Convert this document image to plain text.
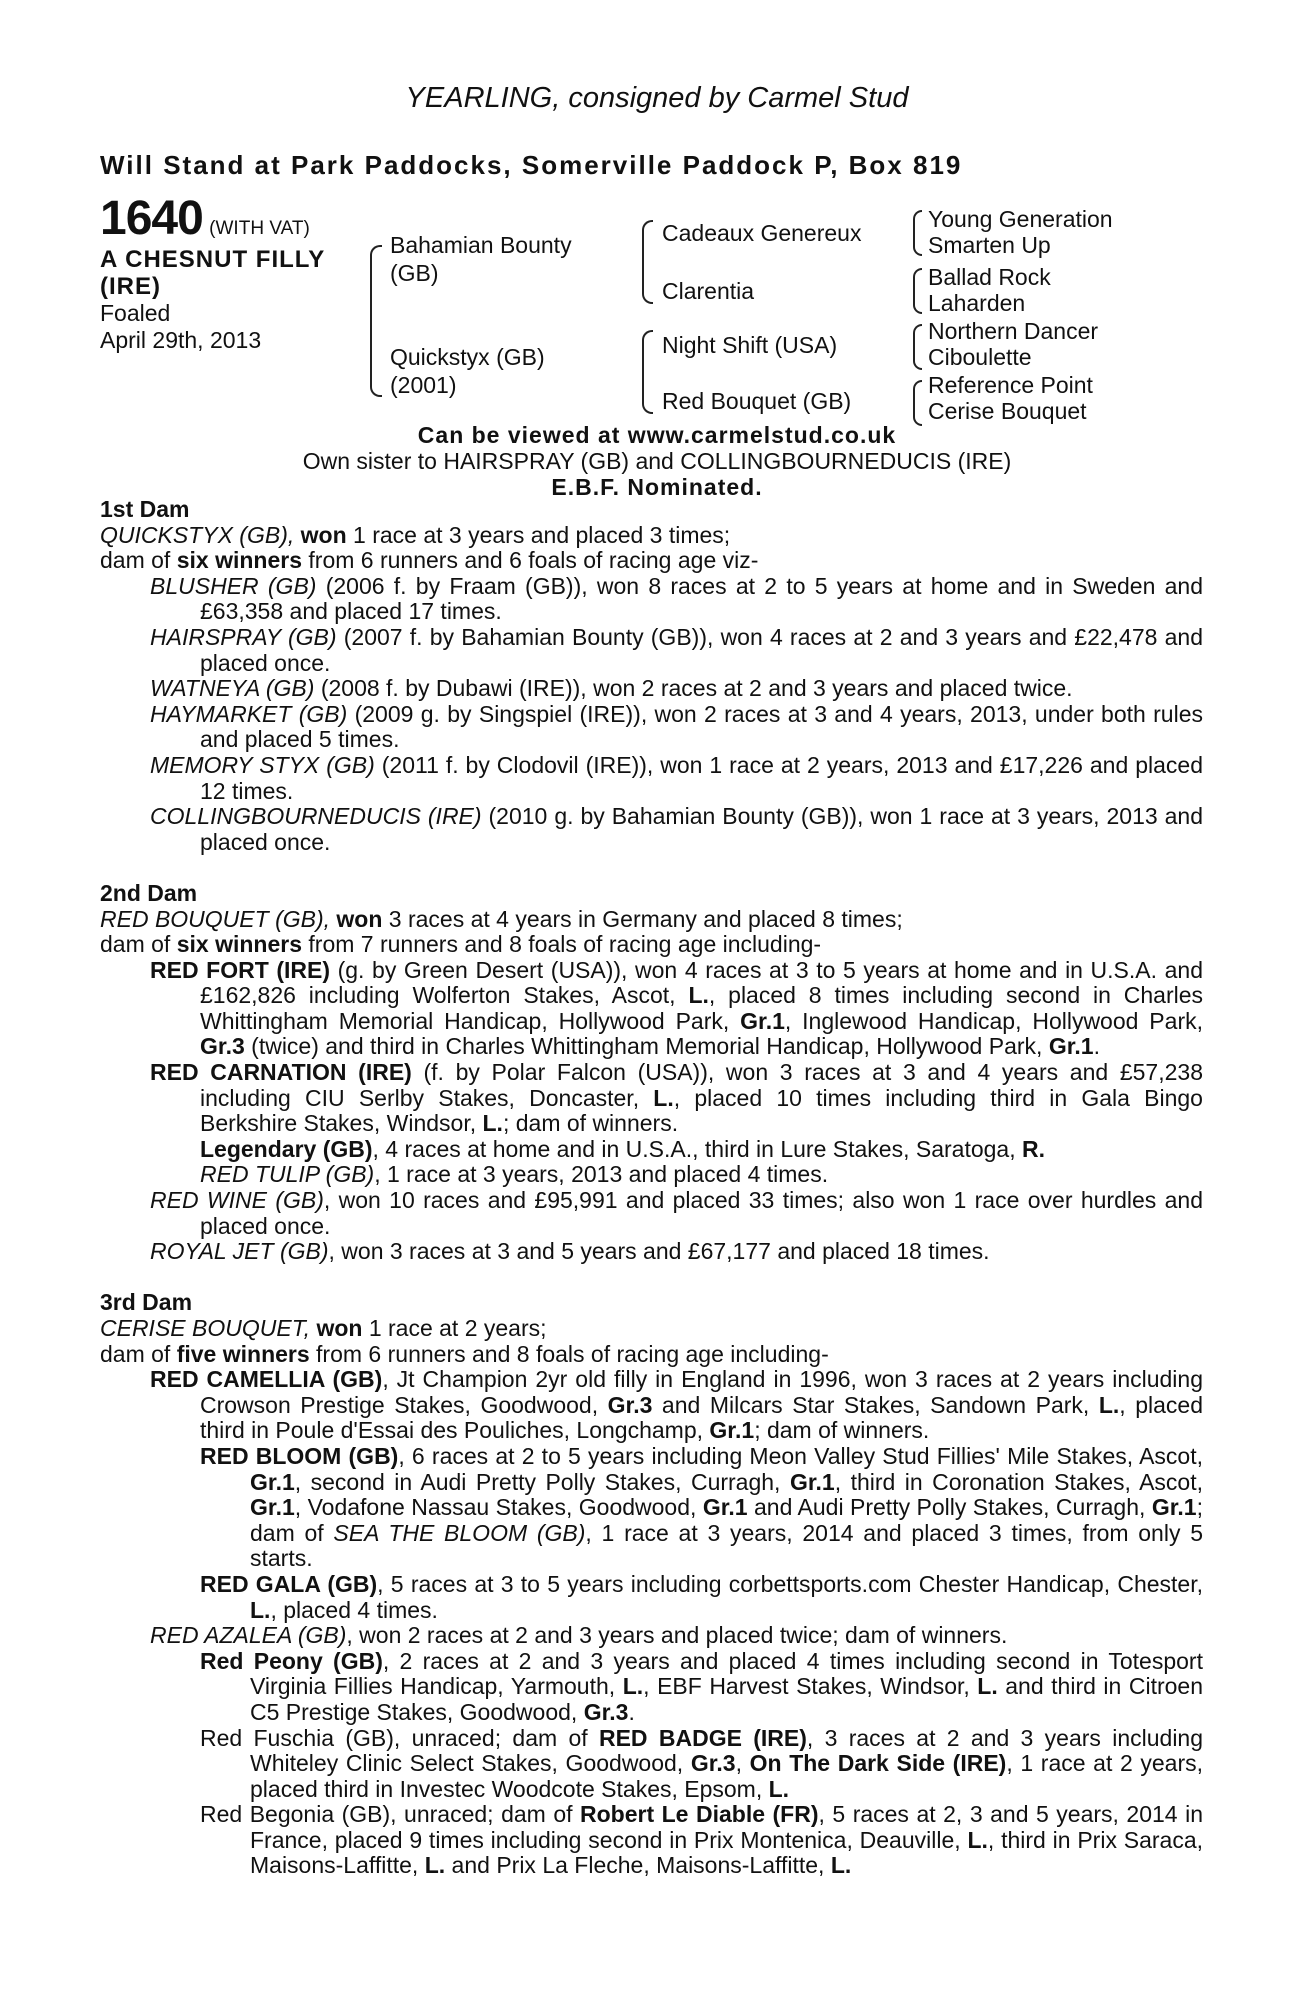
YEARLING, consigned by Carmel Stud
Will Stand at Park Paddocks, Somerville Paddock P, Box 819
1640 (WITH VAT)
A CHESNUT FILLY
(IRE)
Foaled
April 29th, 2013
Bahamian Bounty
(GB)
Quickstyx (GB)
(2001)
Cadeaux Genereux
Clarentia
Night Shift (USA)
Red Bouquet (GB)
Young Generation
Smarten Up
Ballad Rock
Laharden
Northern Dancer
Ciboulette
Reference Point
Cerise Bouquet
Can be viewed at www.carmelstud.co.uk
Own sister to HAIRSPRAY (GB) and COLLINGBOURNEDUCIS (IRE)
E.B.F. Nominated.
1st Dam
QUICKSTYX (GB), won 1 race at 3 years and placed 3 times;
dam of six winners from 6 runners and 6 foals of racing age viz-
BLUSHER (GB) (2006 f. by Fraam (GB)), won 8 races at 2 to 5 years at home and in Sweden and £63,358 and placed 17 times.
HAIRSPRAY (GB) (2007 f. by Bahamian Bounty (GB)), won 4 races at 2 and 3 years and £22,478 and placed once.
WATNEYA (GB) (2008 f. by Dubawi (IRE)), won 2 races at 2 and 3 years and placed twice.
HAYMARKET (GB) (2009 g. by Singspiel (IRE)), won 2 races at 3 and 4 years, 2013, under both rules and placed 5 times.
MEMORY STYX (GB) (2011 f. by Clodovil (IRE)), won 1 race at 2 years, 2013 and £17,226 and placed 12 times.
COLLINGBOURNEDUCIS (IRE) (2010 g. by Bahamian Bounty (GB)), won 1 race at 3 years, 2013 and placed once.
2nd Dam
RED BOUQUET (GB), won 3 races at 4 years in Germany and placed 8 times;
dam of six winners from 7 runners and 8 foals of racing age including-
RED FORT (IRE) (g. by Green Desert (USA)), won 4 races at 3 to 5 years at home and in U.S.A. and £162,826 including Wolferton Stakes, Ascot, L., placed 8 times including second in Charles Whittingham Memorial Handicap, Hollywood Park, Gr.1, Inglewood Handicap, Hollywood Park, Gr.3 (twice) and third in Charles Whittingham Memorial Handicap, Hollywood Park, Gr.1.
RED CARNATION (IRE) (f. by Polar Falcon (USA)), won 3 races at 3 and 4 years and £57,238 including CIU Serlby Stakes, Doncaster, L., placed 10 times including third in Gala Bingo Berkshire Stakes, Windsor, L.; dam of winners.
Legendary (GB), 4 races at home and in U.S.A., third in Lure Stakes, Saratoga, R.
RED TULIP (GB), 1 race at 3 years, 2013 and placed 4 times.
RED WINE (GB), won 10 races and £95,991 and placed 33 times; also won 1 race over hurdles and placed once.
ROYAL JET (GB), won 3 races at 3 and 5 years and £67,177 and placed 18 times.
3rd Dam
CERISE BOUQUET, won 1 race at 2 years;
dam of five winners from 6 runners and 8 foals of racing age including-
RED CAMELLIA (GB), Jt Champion 2yr old filly in England in 1996, won 3 races at 2 years including Crowson Prestige Stakes, Goodwood, Gr.3 and Milcars Star Stakes, Sandown Park, L., placed third in Poule d'Essai des Pouliches, Longchamp, Gr.1; dam of winners.
RED BLOOM (GB), 6 races at 2 to 5 years including Meon Valley Stud Fillies' Mile Stakes, Ascot, Gr.1, second in Audi Pretty Polly Stakes, Curragh, Gr.1, third in Coronation Stakes, Ascot, Gr.1, Vodafone Nassau Stakes, Goodwood, Gr.1 and Audi Pretty Polly Stakes, Curragh, Gr.1; dam of SEA THE BLOOM (GB), 1 race at 3 years, 2014 and placed 3 times, from only 5 starts.
RED GALA (GB), 5 races at 3 to 5 years including corbettsports.com Chester Handicap, Chester, L., placed 4 times.
RED AZALEA (GB), won 2 races at 2 and 3 years and placed twice; dam of winners.
Red Peony (GB), 2 races at 2 and 3 years and placed 4 times including second in Totesport Virginia Fillies Handicap, Yarmouth, L., EBF Harvest Stakes, Windsor, L. and third in Citroen C5 Prestige Stakes, Goodwood, Gr.3.
Red Fuschia (GB), unraced; dam of RED BADGE (IRE), 3 races at 2 and 3 years including Whiteley Clinic Select Stakes, Goodwood, Gr.3, On The Dark Side (IRE), 1 race at 2 years, placed third in Investec Woodcote Stakes, Epsom, L.
Red Begonia (GB), unraced; dam of Robert Le Diable (FR), 5 races at 2, 3 and 5 years, 2014 in France, placed 9 times including second in Prix Montenica, Deauville, L., third in Prix Saraca, Maisons-Laffitte, L. and Prix La Fleche, Maisons-Laffitte, L.
